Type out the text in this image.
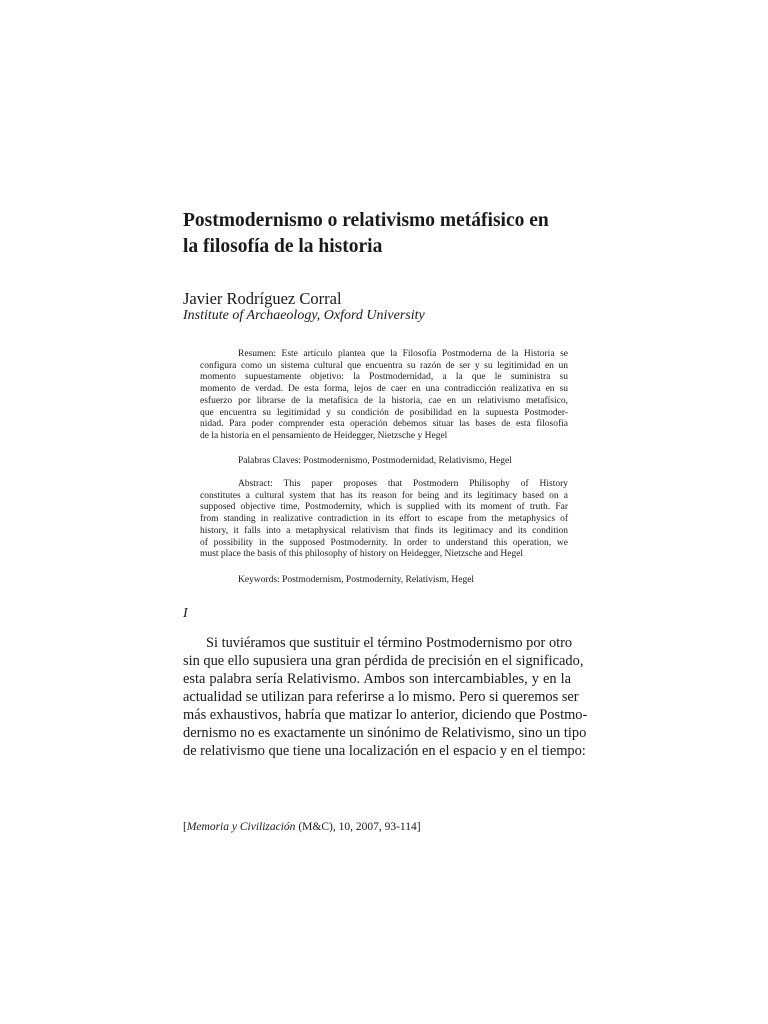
Postmodernismo o relativismo metáfisico en
la filosofía de la historia
Javier Rodríguez Corral
Institute of Archaeology, Oxford University
Resumen: Este artículo plantea que la Filosofía Postmoderna de la Historia se
configura como un sistema cultural que encuentra su razón de ser y su legitimidad en un
momento supuestamente objetivo: la Postmodernidad, a la que le suministra su
momento de verdad. De esta forma, lejos de caer en una contradicción realizativa en su
esfuerzo por librarse de la metafísica de la historia, cae en un relativismo metafísico,
que encuentra su legitimidad y su condición de posibilidad en la supuesta Postmoder-
nidad. Para poder comprender esta operación debemos situar las bases de esta filosofía
de la historia en el pensamiento de Heidegger, Nietzsche y Hegel
Palabras Claves: Postmodernismo, Postmodernidad, Relativismo, Hegel
Abstract: This paper proposes that Postmodern Philisophy of History
constitutes a cultural system that has its reason for being and its legitimacy based on a
supposed objective time, Postmodernity, which is supplied with its moment of truth. Far
from standing in realizative contradiction in its effort to escape from the metaphysics of
history, it falls into a metaphysical relativism that finds its legitimacy and its condition
of possibility in the supposed Postmodernity. In order to understand this operation, we
must place the basis of this philosophy of history on Heidegger, Nietzsche and Hegel
Keywords: Postmodernism, Postmodernity, Relativism, Hegel
I
Si tuviéramos que sustituir el término Postmodernismo por otro
sin que ello supusiera una gran pérdida de precisión en el significado,
esta palabra sería Relativismo. Ambos son intercambiables, y en la
actualidad se utilizan para referirse a lo mismo. Pero si queremos ser
más exhaustivos, habría que matizar lo anterior, diciendo que Postmo-
dernismo no es exactamente un sinónimo de Relativismo, sino un tipo
de relativismo que tiene una localización en el espacio y en el tiempo:
[Memoria y Civilización (M&C), 10, 2007, 93-114]
